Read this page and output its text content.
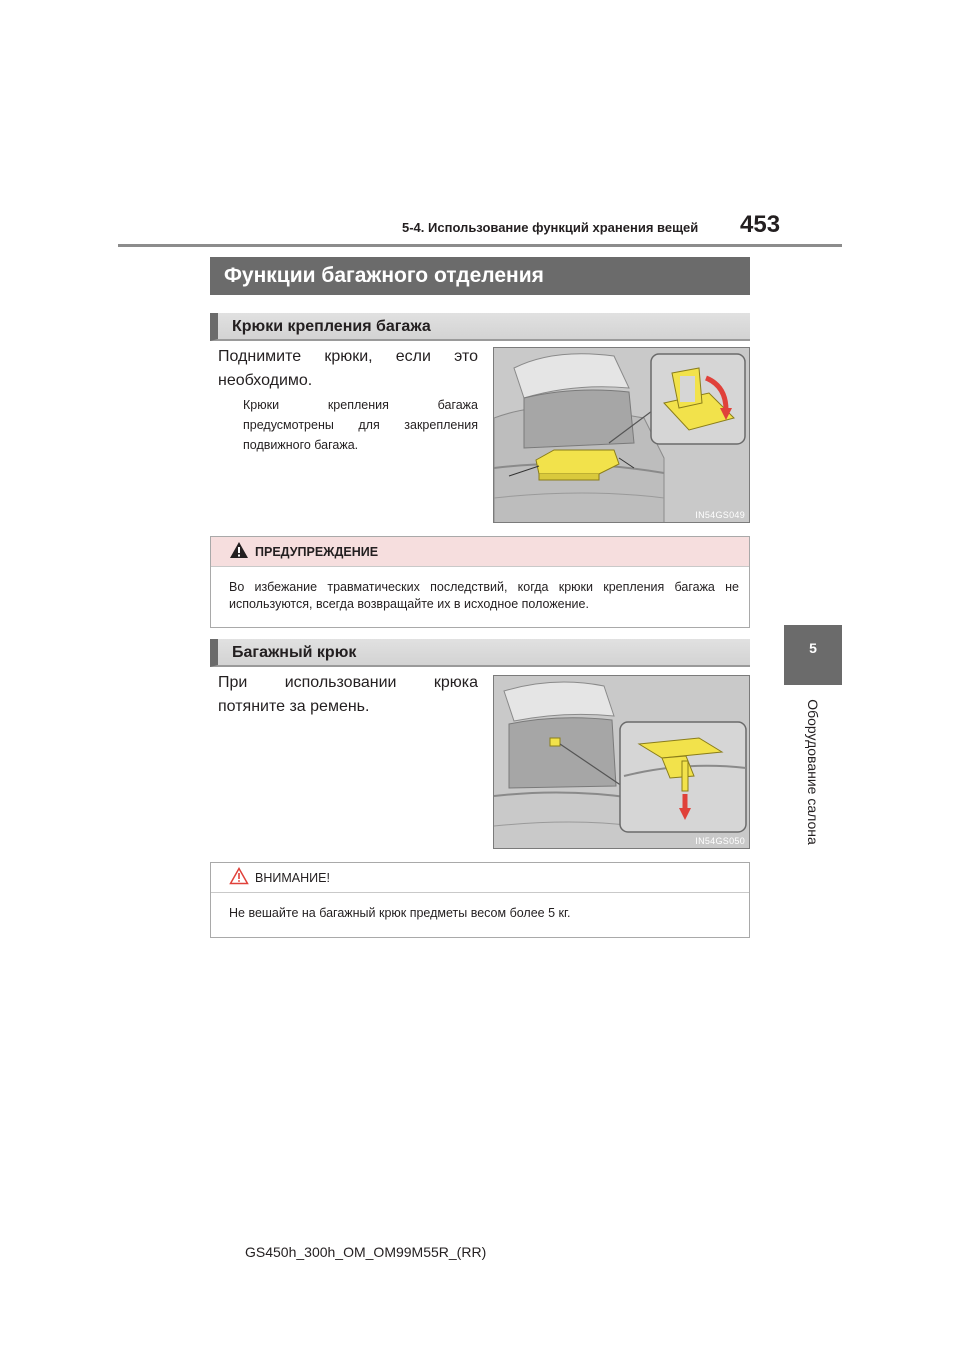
5-4. Использование функций хранения вещей 453
5
Оборудование салона
Функции багажного отделения
Крюки крепления багажа
Поднимите крюки, если это
необходимо.
Крюки крепления багажа
предусмотрены для закрепления
подвижного багажа.
IN54GS049
ПРЕДУПРЕЖДЕНИЕ
Во избежание травматических последствий, когда крюки крепления багажа не используются, всегда возвращайте их в исходное положение.
Багажный крюк
При использовании крюка
потяните за ремень.
IN54GS050
ВНИМАНИЕ!
Не вешайте на багажный крюк предметы весом более 5 кг.
GS450h_300h_OM_OM99M55R_(RR)
